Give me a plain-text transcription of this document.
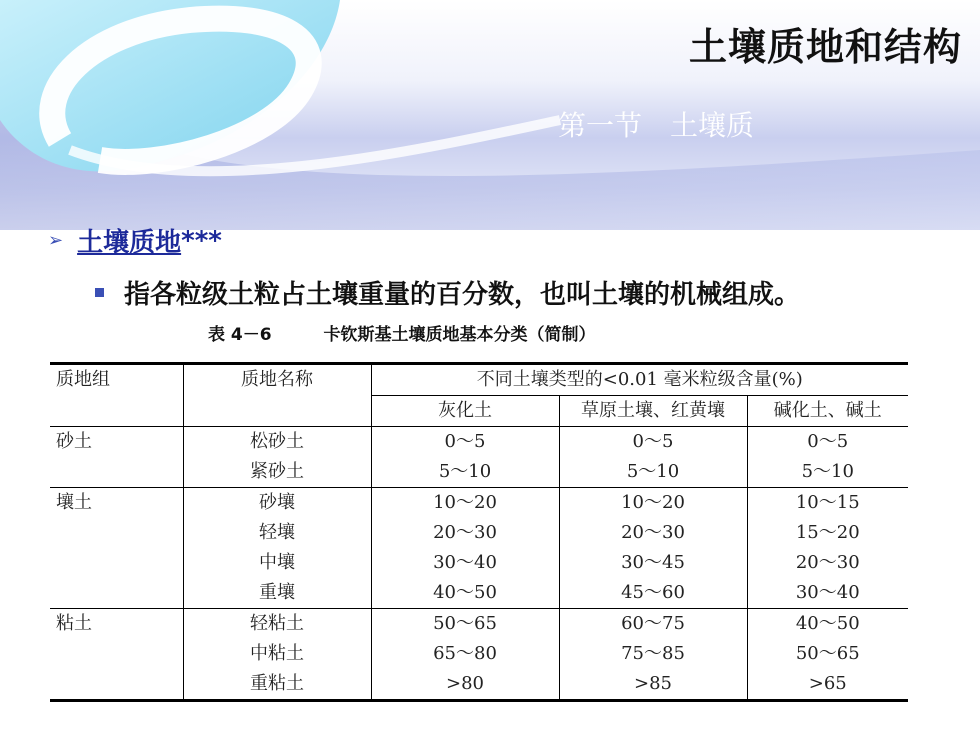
土壤质地和结构
第一节　土壤质
➢ 土壤质地 ***
指各粒级土粒占土壤重量的百分数，也叫土壤的机械组成。
表 4－6	卡钦斯基土壤质地基本分类（简制）
质地组	质地名称	不同土壤类型的<0.01 毫米粒级含量(%)		
		灰化土	草原土壤、红黄壤	碱化土、碱土
砂土	松砂土	0～5	0～5	0～5
	紧砂土	5～10	5～10	5～10
壤土	砂壤	10～20	10～20	10～15
	轻壤	20～30	20～30	15～20
	中壤	30～40	30～45	20～30
	重壤	40～50	45～60	30～40
粘土	轻粘土	50～65	60～75	40～50
	中粘土	65～80	75～85	50～65
	重粘土	>80	>85	>65
